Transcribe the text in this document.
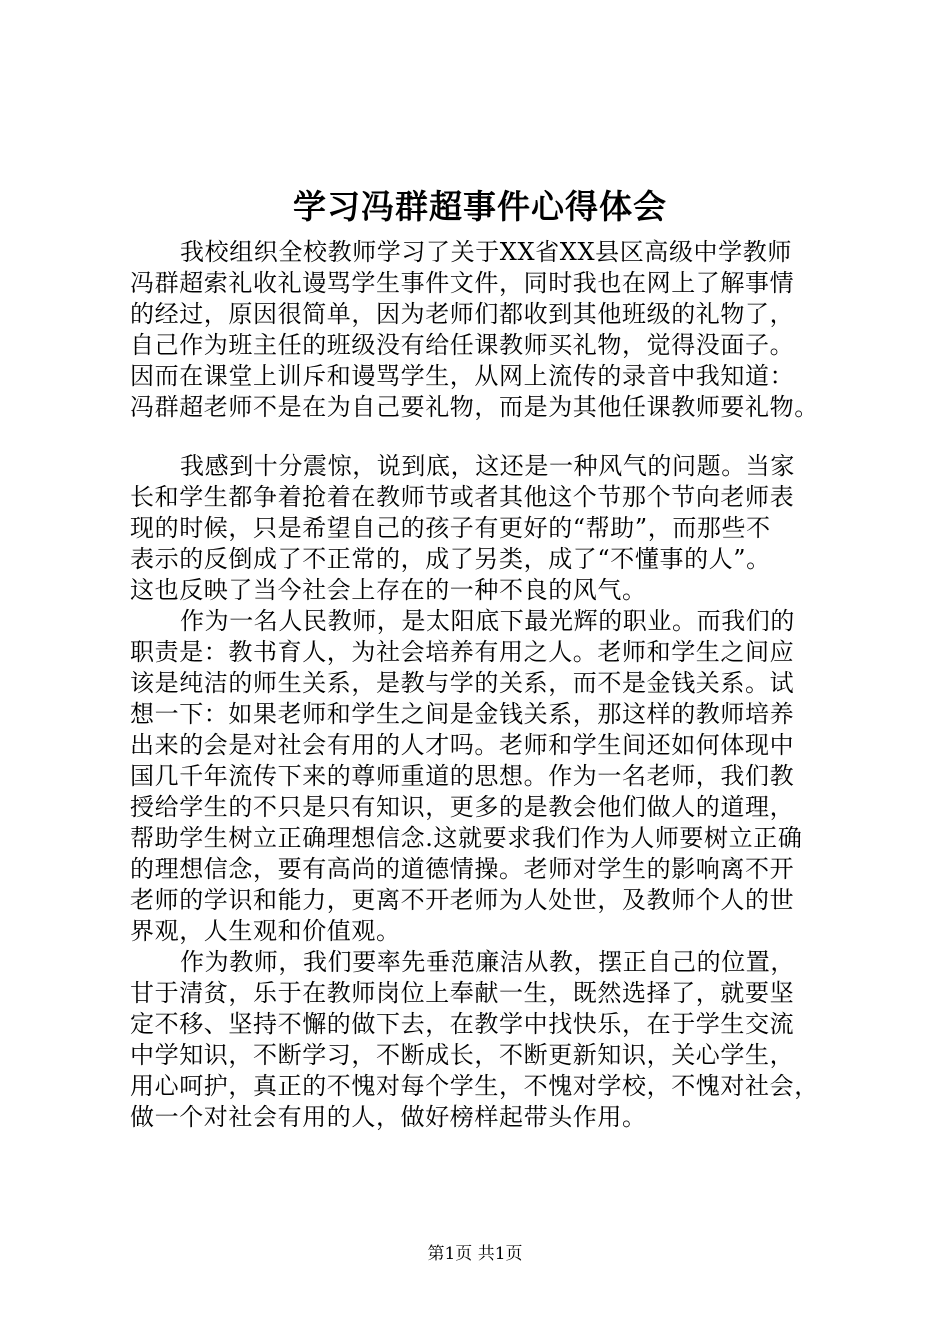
学习冯群超事件心得体会
我校组织全校教师学习了关于XX省XX县区高级中学教师
冯群超索礼收礼谩骂学生事件文件，同时我也在网上了解事情
的经过，原因很简单，因为老师们都收到其他班级的礼物了，
自己作为班主任的班级没有给任课教师买礼物，觉得没面子。
因而在课堂上训斥和谩骂学生，从网上流传的录音中我知道：
冯群超老师不是在为自己要礼物，而是为其他任课教师要礼物。
我感到十分震惊，说到底，这还是一种风气的问题。当家
长和学生都争着抢着在教师节或者其他这个节那个节向老师表
现的时候，只是希望自己的孩子有更好的“帮助”，而那些不
表示的反倒成了不正常的，成了另类，成了“不懂事的人”。
这也反映了当今社会上存在的一种不良的风气。
作为一名人民教师，是太阳底下最光辉的职业。而我们的
职责是：教书育人，为社会培养有用之人。老师和学生之间应
该是纯洁的师生关系，是教与学的关系，而不是金钱关系。试
想一下：如果老师和学生之间是金钱关系，那这样的教师培养
出来的会是对社会有用的人才吗。老师和学生间还如何体现中
国几千年流传下来的尊师重道的思想。作为一名老师，我们教
授给学生的不只是只有知识，更多的是教会他们做人的道理，
帮助学生树立正确理想信念.这就要求我们作为人师要树立正确
的理想信念，要有高尚的道德情操。老师对学生的影响离不开
老师的学识和能力，更离不开老师为人处世，及教师个人的世
界观，人生观和价值观。
作为教师，我们要率先垂范廉洁从教，摆正自己的位置，
甘于清贫，乐于在教师岗位上奉献一生，既然选择了，就要坚
定不移、坚持不懈的做下去，在教学中找快乐，在于学生交流
中学知识，不断学习，不断成长，不断更新知识，关心学生，
用心呵护，真正的不愧对每个学生，不愧对学校，不愧对社会，
做一个对社会有用的人，做好榜样起带头作用。
第1页 共1页
